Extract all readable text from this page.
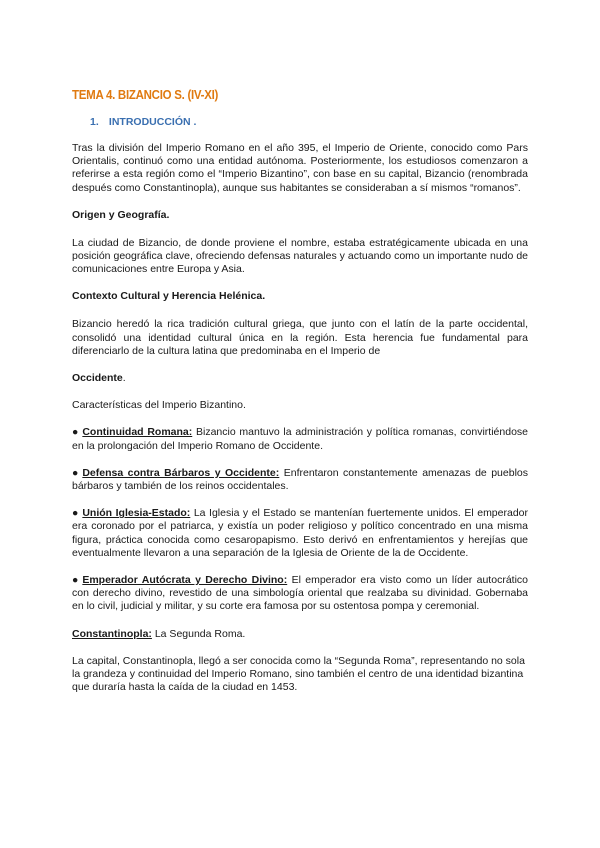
TEMA 4. BIZANCIO S. (IV-XI)
1. INTRODUCCIÓN .

Tras la división del Imperio Romano en el año 395, el Imperio de Oriente, conocido como Pars Orientalis, continuó como una entidad autónoma. Posteriormente, los estudiosos comenzaron a referirse a esta región como el “Imperio Bizantino”, con base en su capital, Bizancio (renombrada después como Constantinopla), aunque sus habitantes se consideraban a sí mismos “romanos”.

Origen y Geografía.

La ciudad de Bizancio, de donde proviene el nombre, estaba estratégicamente ubicada en una posición geográfica clave, ofreciendo defensas naturales y actuando como un importante nudo de comunicaciones entre Europa y Asia.

Contexto Cultural y Herencia Helénica.

Bizancio heredó la rica tradición cultural griega, que junto con el latín de la parte occidental, consolidó una identidad cultural única en la región. Esta herencia fue fundamental para diferenciarlo de la cultura latina que predominaba en el Imperio de

Occidente.

Características del Imperio Bizantino.

● Continuidad Romana: Bizancio mantuvo la administración y política romanas, convirtiéndose en la prolongación del Imperio Romano de Occidente.

● Defensa contra Bárbaros y Occidente: Enfrentaron constantemente amenazas de pueblos bárbaros y también de los reinos occidentales.

● Unión Iglesia-Estado: La Iglesia y el Estado se mantenían fuertemente unidos. El emperador era coronado por el patriarca, y existía un poder religioso y político concentrado en una misma figura, práctica conocida como cesaropapismo. Esto derivó en enfrentamientos y herejías que eventualmente llevaron a una separación de la Iglesia de Oriente de la de Occidente.

● Emperador Autócrata y Derecho Divino: El emperador era visto como un líder autocrático con derecho divino, revestido de una simbología oriental que realzaba su divinidad. Gobernaba en lo civil, judicial y militar, y su corte era famosa por su ostentosa pompa y ceremonial.

Constantinopla: La Segunda Roma.

La capital, Constantinopla, llegó a ser conocida como la “Segunda Roma”, representando no sola la grandeza y continuidad del Imperio Romano, sino también el centro de una identidad bizantina que duraría hasta la caída de la ciudad en 1453.
